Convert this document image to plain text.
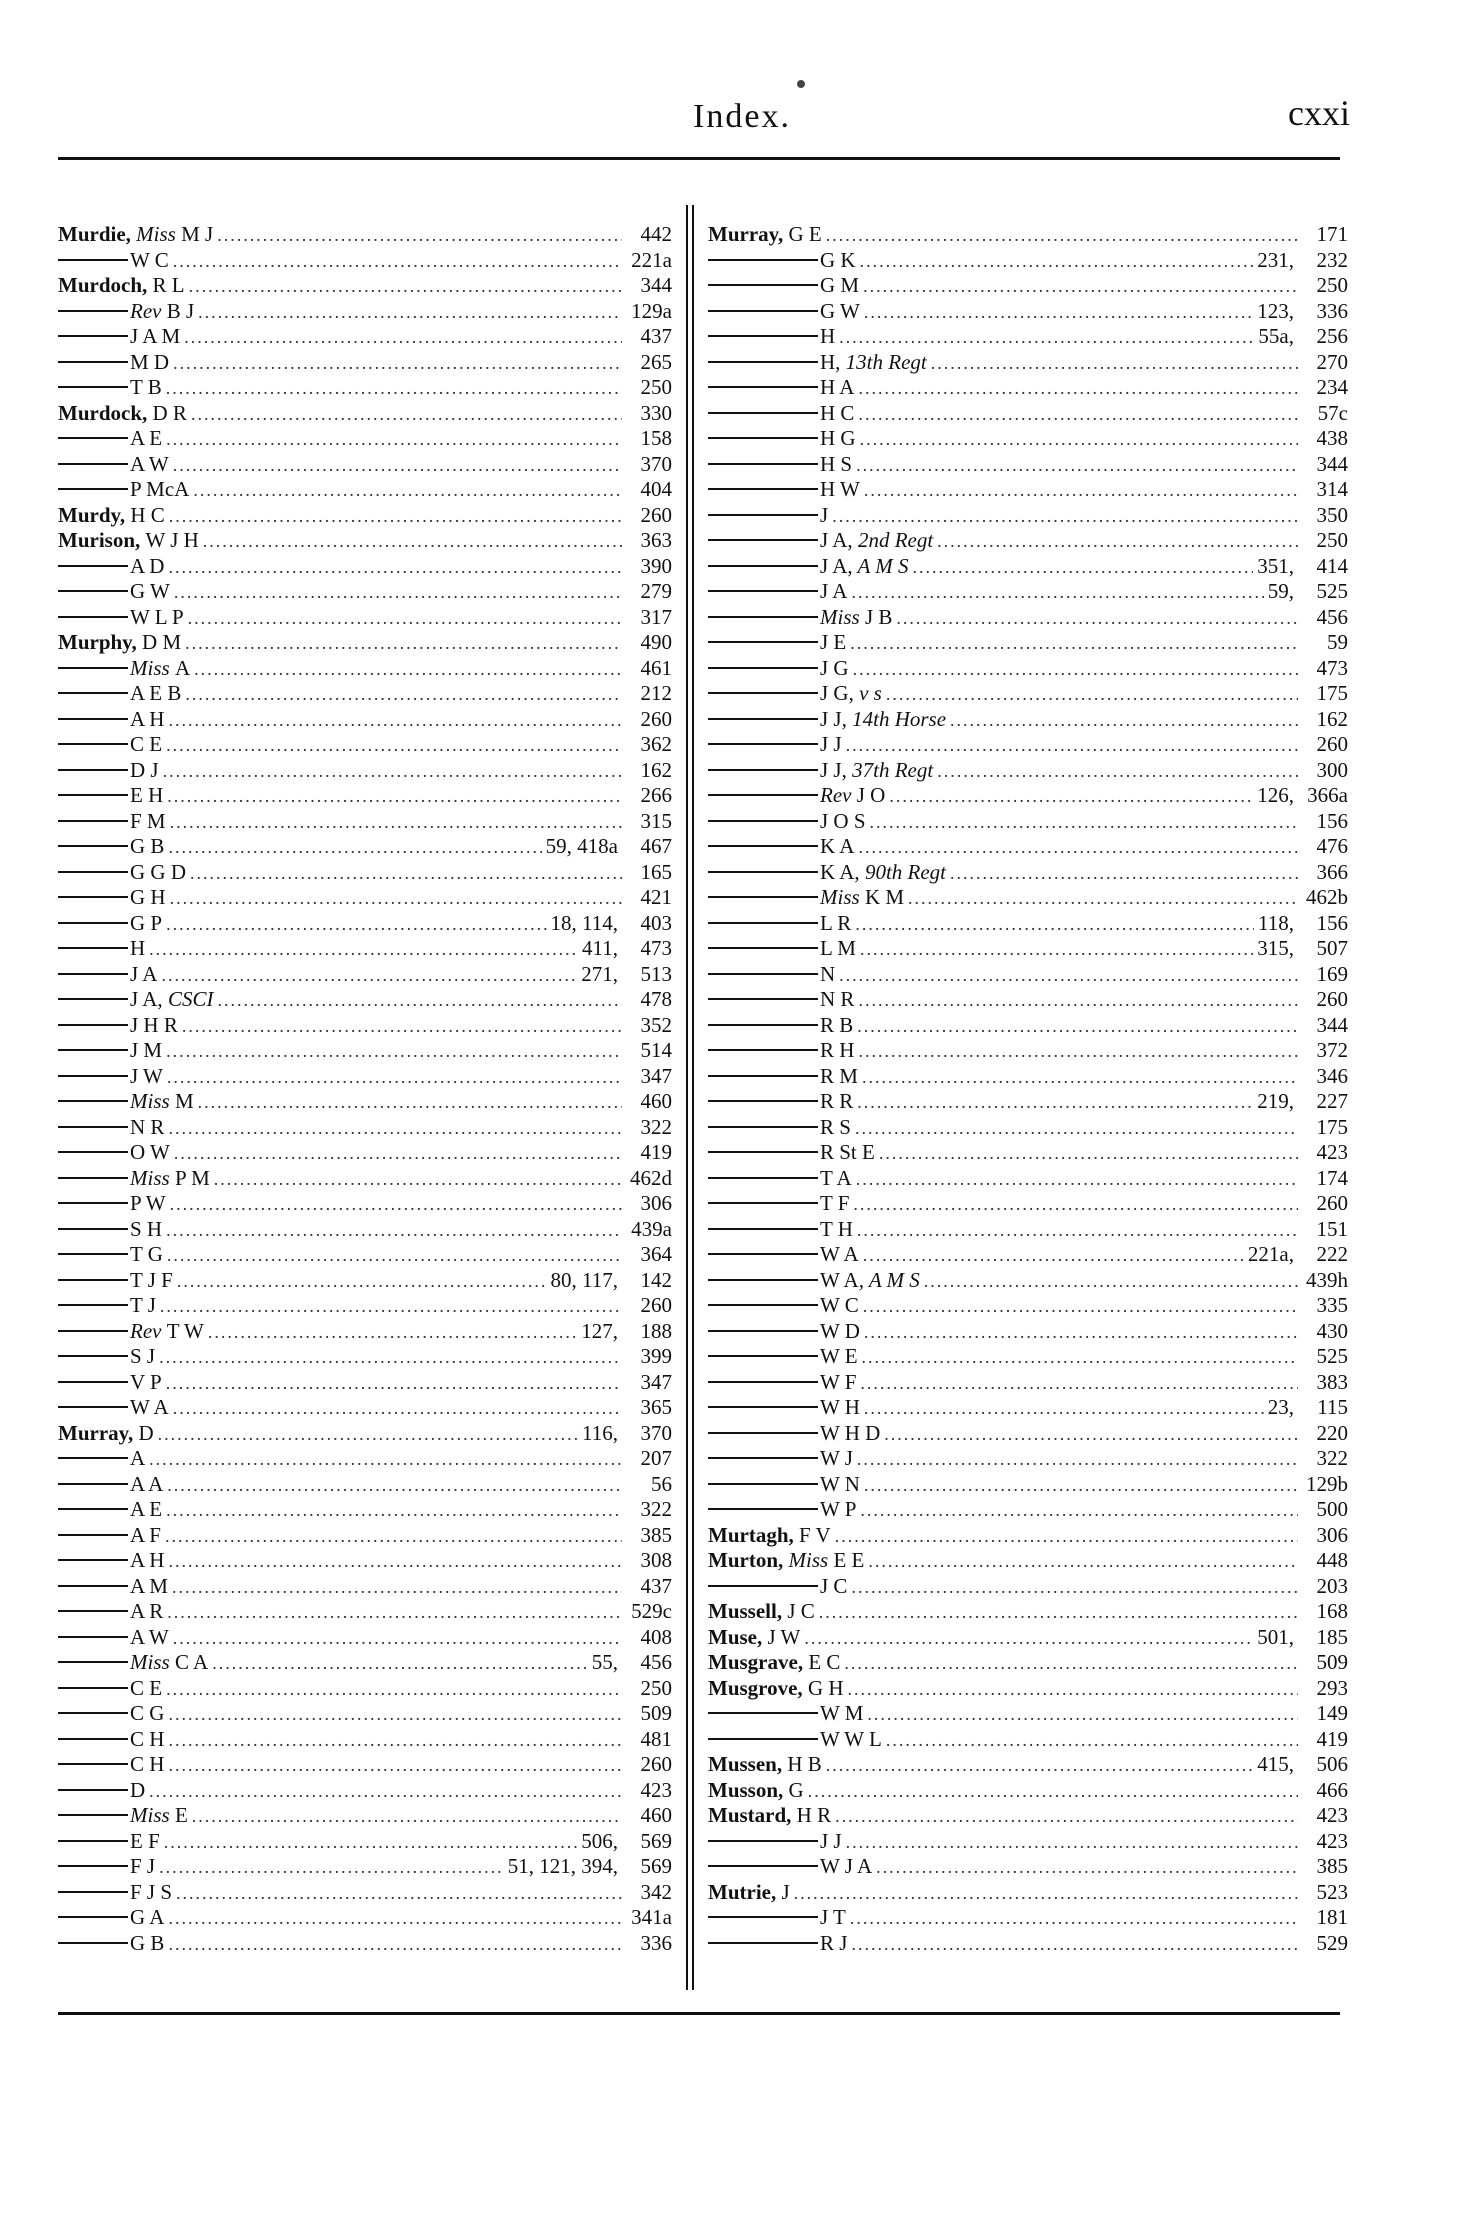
Index.	cxxi
Murdie, Miss M J .....	442
W C .....	221a
Murdoch, R L .....	344
Rev B J .....	129a
J A M .....	437
M D .....	265
T B .....	250
Murdock, D R .....	330
A E .....	158
A W .....	370
P McA .....	404
Murdy, H C .....	260
Murison, W J H .....	363
A D .....	390
G W .....	279
W L P .....	317
Murphy, D M .....	490
Miss A .....	461
A E B .....	212
A H .....	260
C E .....	362
D J .....	162
E H .....	266
F M .....	315
G B .....	59, 418a	467
G G D .....	165
G H .....	421
G P .....	18, 114,	403
H .....	411,	473
J A .....	271,	513
J A, CSCI .....	478
J H R .....	352
J M .....	514
J W .....	347
Miss M .....	460
N R .....	322
O W .....	419
Miss P M .....	462d
P W .....	306
S H .....	439a
T G .....	364
T J F .....	80, 117,	142
T J .....	260
Rev T W .....	127,	188
S J .....	399
V P .....	347
W A .....	365
Murray, D .....	116,	370
A .....	207
A A .....	56
A E .....	322
A F .....	385
A H .....	308
A M .....	437
A R .....	529c
A W .....	408
Miss C A .....	55,	456
C E .....	250
C G .....	509
C H .....	481
C H .....	260
D .....	423
Miss E .....	460
E F .....	506,	569
F J .....	51, 121, 394,	569
F J S .....	342
G A .....	341a
G B .....	336
Murray, G E .....	171
G K .....	231,	232
G M .....	250
G W .....	123,	336
H .....	55a,	256
H, 13th Regt .....	270
H A .....	234
H C .....	57c
H G .....	438
H S .....	344
H W .....	314
J .....	350
J A, 2nd Regt .....	250
J A, A M S .....	351,	414
J A .....	59,	525
Miss J B .....	456
J E .....	59
J G .....	473
J G, v s .....	175
J J, 14th Horse .....	162
J J .....	260
J J, 37th Regt .....	300
Rev J O .....	126, 366a
J O S .....	156
K A .....	476
K A, 90th Regt .....	366
Miss K M .....	462b
L R .....	118,	156
L M .....	315,	507
N .....	169
N R .....	260
R B .....	344
R H .....	372
R M .....	346
R R .....	219,	227
R S .....	175
R St E .....	423
T A .....	174
T F .....	260
T H .....	151
W A .....	221a,	222
W A, A M S .....	439h
W C .....	335
W D .....	430
W E .....	525
W F .....	383
W H .....	23,	115
W H D .....	220
W J .....	322
W N .....	129b
W P .....	500
Murtagh, F V .....	306
Murton, Miss E E .....	448
J C .....	203
Mussell, J C .....	168
Muse, J W .....	501,	185
Musgrave, E C .....	509
Musgrove, G H .....	293
W M .....	149
W W L .....	419
Mussen, H B .....	415,	506
Musson, G .....	466
Mustard, H R .....	423
J J .....	423
W J A .....	385
Mutrie, J .....	523
J T .....	181
R J .....	529
